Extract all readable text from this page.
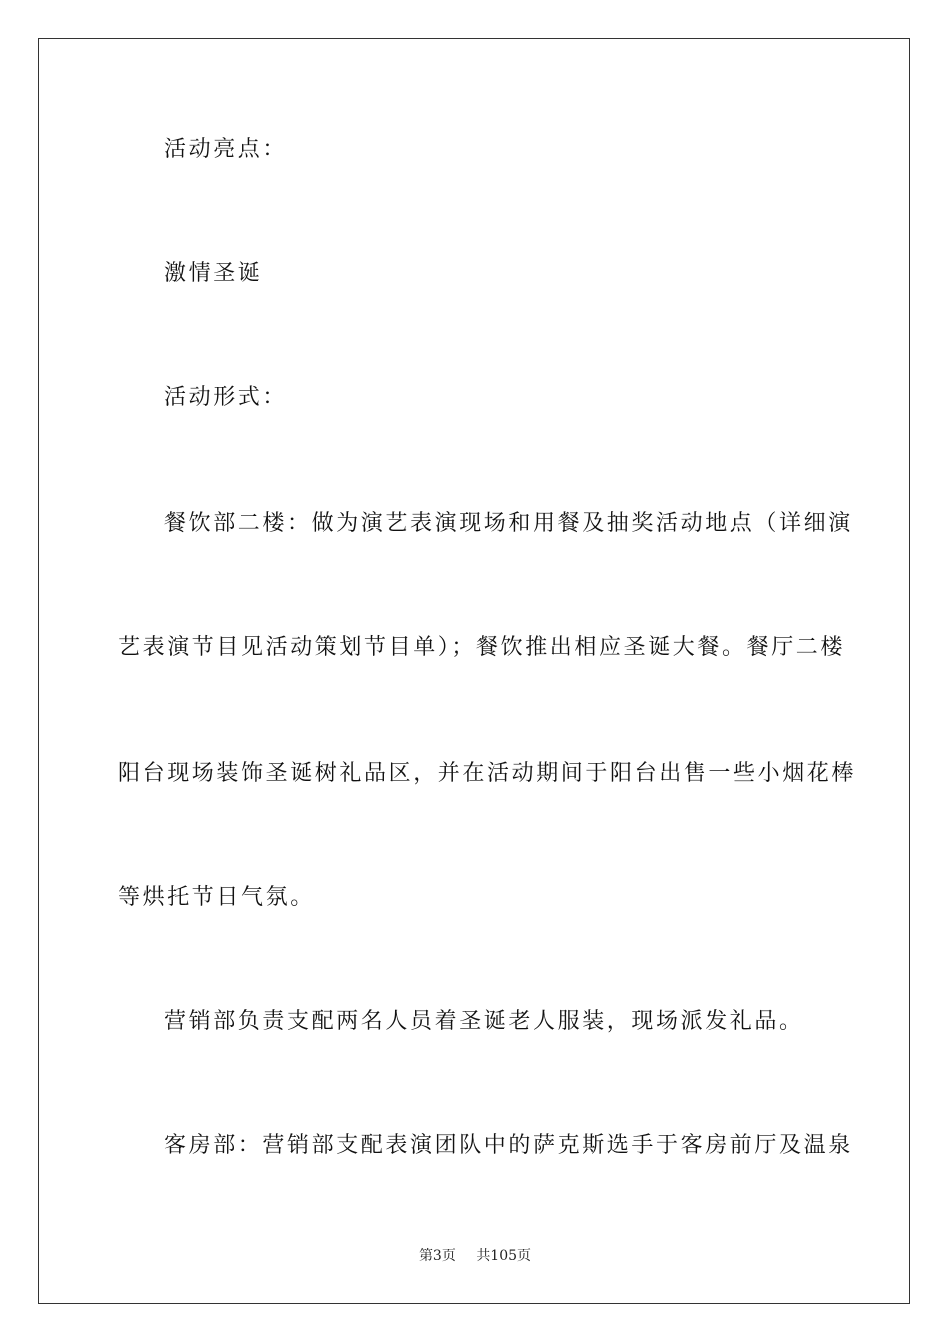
活动亮点：
激情圣诞
活动形式：
餐饮部二楼：做为演艺表演现场和用餐及抽奖活动地点（详细演
艺表演节目见活动策划节目单）；餐饮推出相应圣诞大餐。餐厅二楼
阳台现场装饰圣诞树礼品区，并在活动期间于阳台出售一些小烟花棒
等烘托节日气氛。
营销部负责支配两名人员着圣诞老人服装，现场派发礼品。
客房部：营销部支配表演团队中的萨克斯选手于客房前厅及温泉
第3页 共105页
